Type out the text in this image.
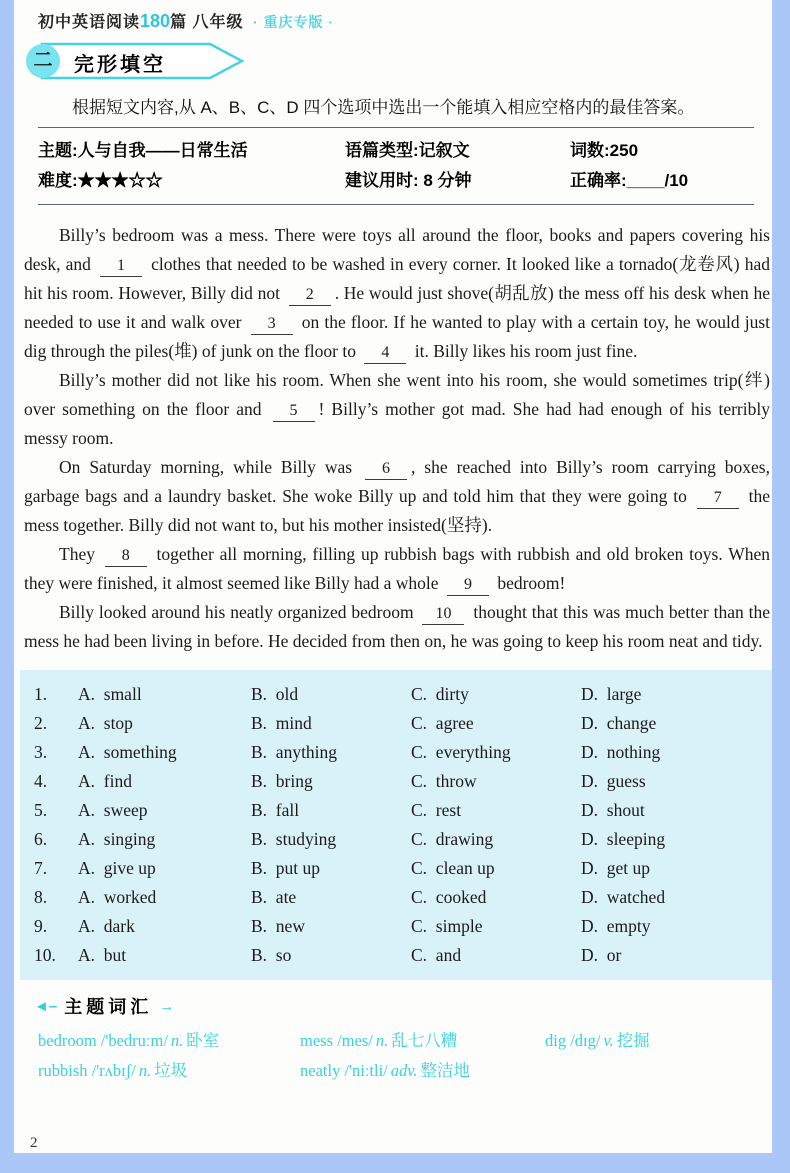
初中英语阅读180篇 八年级 · 重庆专版 ·
二	完形填空
根据短文内容,从 A、B、C、D 四个选项中选出一个能填入相应空格内的最佳答案。
主题:人与自我——日常生活	语篇类型:记叙文	词数:250
难度:★★★☆☆	建议用时: 8 分钟	正确率:____/10

Billy’s bedroom was a mess. There were toys all around the floor, books and papers covering his desk, and 1 clothes that needed to be washed in every corner. It looked like a tornado(龙卷风) had hit his room. However, Billy did not 2 . He would just shove(胡乱放) the mess off his desk when he needed to use it and walk over 3 on the floor. If he wanted to play with a certain toy, he would just dig through the piles(堆) of junk on the floor to 4 it. Billy likes his room just fine.

Billy’s mother did not like his room. When she went into his room, she would sometimes trip(绊) over something on the floor and 5 ! Billy’s mother got mad. She had had enough of his terribly messy room.

On Saturday morning, while Billy was 6 , she reached into Billy’s room carrying boxes, garbage bags and a laundry basket. She woke Billy up and told him that they were going to 7 the mess together. Billy did not want to, but his mother insisted(坚持).

They 8 together all morning, filling up rubbish bags with rubbish and old broken toys. When they were finished, it almost seemed like Billy had a whole 9 bedroom!

Billy looked around his neatly organized bedroom 10 thought that this was much better than the mess he had been living in before. He decided from then on, he was going to keep his room neat and tidy.

1.	A. small	B. old	C. dirty	D. large
2.	A. stop	B. mind	C. agree	D. change
3.	A. something	B. anything	C. everything	D. nothing
4.	A. find	B. bring	C. throw	D. guess
5.	A. sweep	B. fall	C. rest	D. shout
6.	A. singing	B. studying	C. drawing	D. sleeping
7.	A. give up	B. put up	C. clean up	D. get up
8.	A. worked	B. ate	C. cooked	D. watched
9.	A. dark	B. new	C. simple	D. empty
10.	A. but	B. so	C. and	D. or
◄– 主题词汇 →
bedroom /'bedruːm/ n. 卧室	mess /mes/ n. 乱七八糟	dig /dɪg/ v. 挖掘
rubbish /'rʌbɪʃ/ n. 垃圾	neatly /'niːtli/ adv. 整洁地
2
